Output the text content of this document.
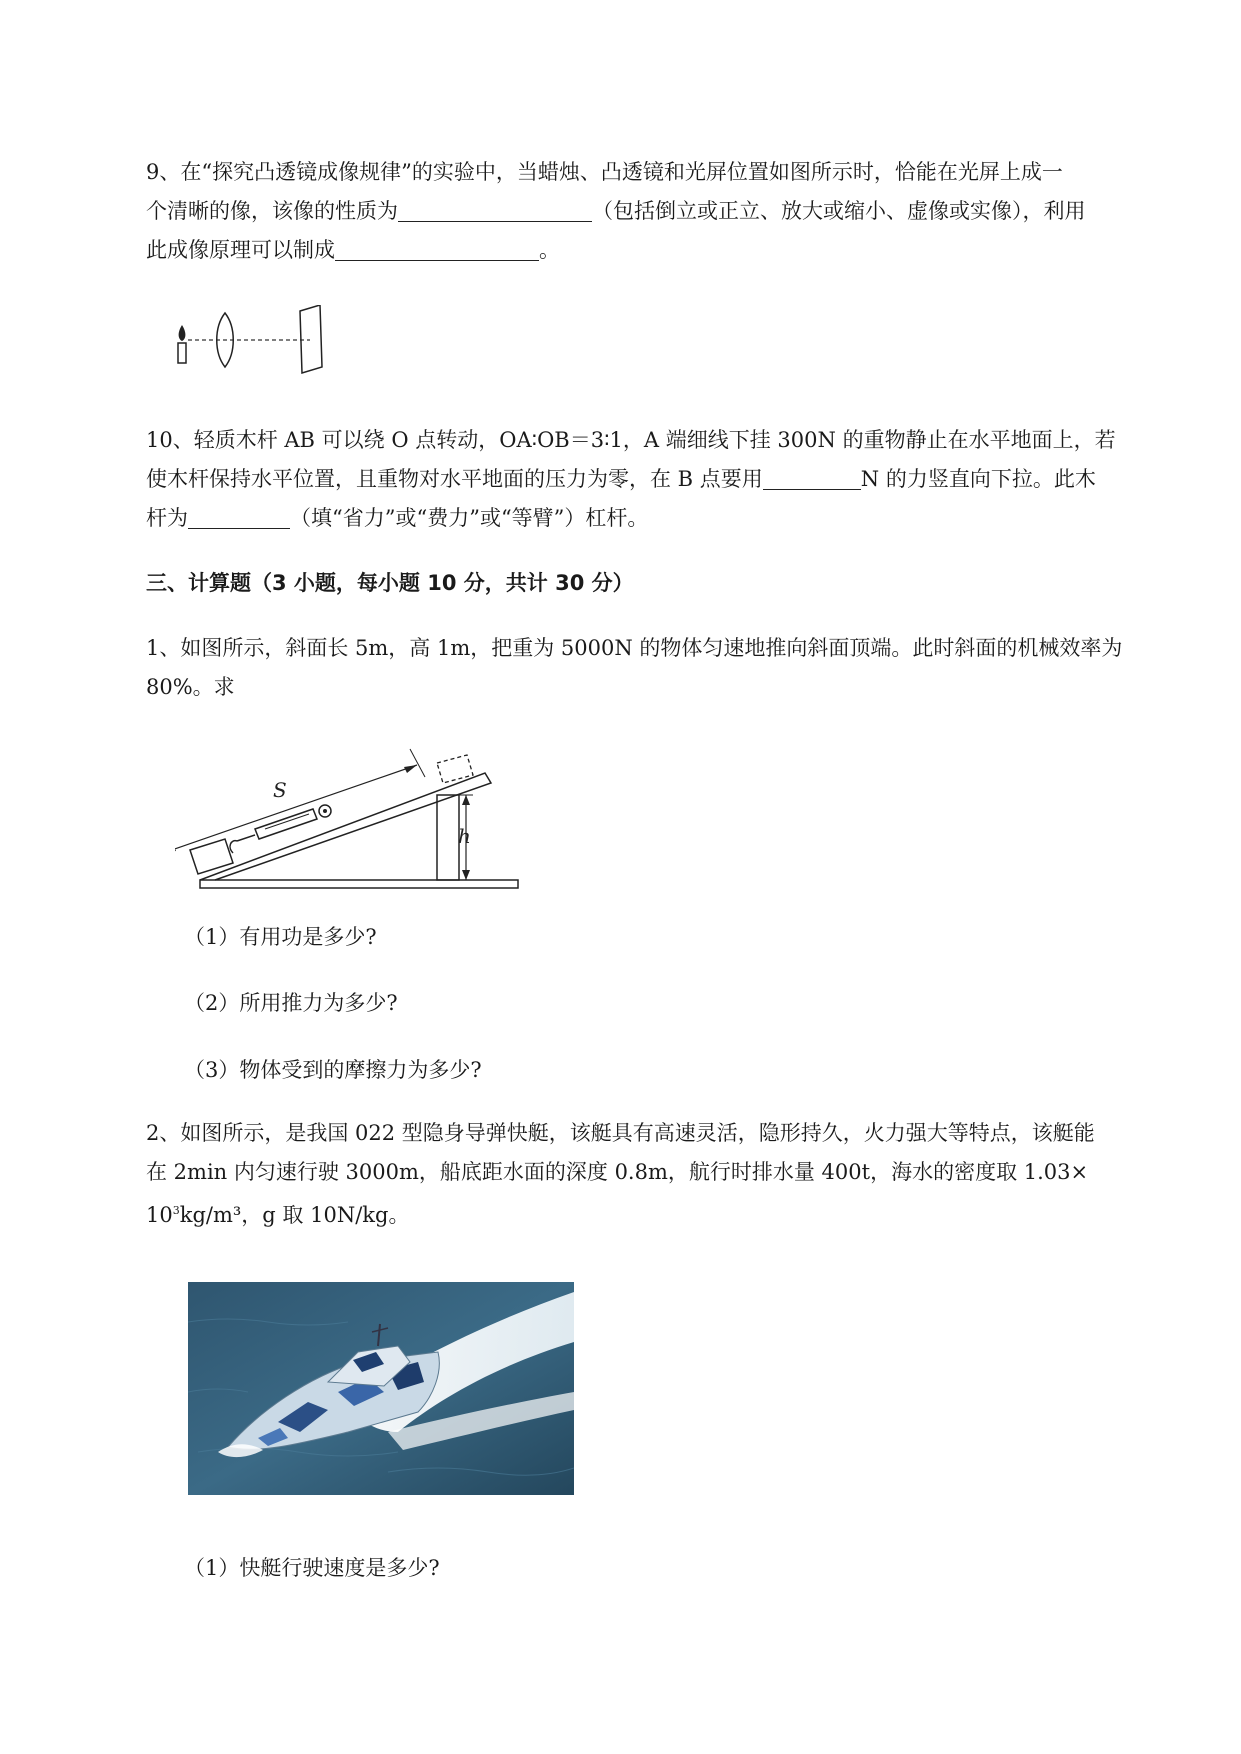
9、在“探究凸透镜成像规律”的实验中，当蜡烛、凸透镜和光屏位置如图所示时，恰能在光屏上成一
个清晰的像，该像的性质为	（包括倒立或正立、放大或缩小、虚像或实像），利用
此成像原理可以制成	。
10、轻质木杆 AB 可以绕 O 点转动，OA∶OB＝3∶1，A 端细线下挂 300N 的重物静止在水平地面上，若
使木杆保持水平位置，且重物对水平地面的压力为零，在 B 点要用	N 的力竖直向下拉。此木
杆为	（填“省力”或“费力”或“等臂”）杠杆。
三、计算题（3 小题，每小题 10 分，共计 30 分）
1、如图所示，斜面长 5m，高 1m，把重为 5000N 的物体匀速地推向斜面顶端。此时斜面的机械效率为
80%。求
S
h
（1）有用功是多少?
（2）所用推力为多少?
（3）物体受到的摩擦力为多少?
2、如图所示，是我国 022 型隐身导弹快艇，该艇具有高速灵活，隐形持久，火力强大等特点，该艇能
在 2min 内匀速行驶 3000m，船底距水面的深度 0.8m，航行时排水量 400t，海水的密度取 1.03×
$10^3kg/m^3$，g 取 10N/kg。
（1）快艇行驶速度是多少?
